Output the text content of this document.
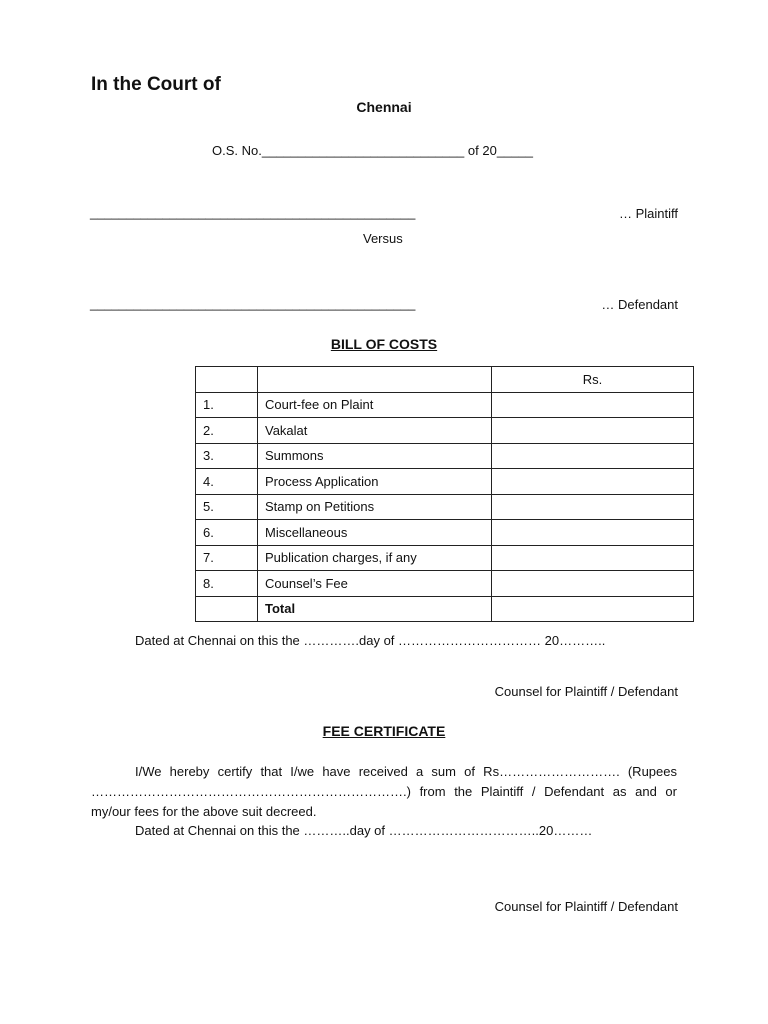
In the Court of
Chennai
O.S. No.____________________________ of 20_____
_____________________________________________	… Plaintiff
Versus
_____________________________________________	… Defendant
BILL OF COSTS
		Rs.
1.	Court-fee on Plaint	
2.	Vakalat	
3.	Summons	
4.	Process Application	
5.	Stamp on Petitions	
6.	Miscellaneous	
7.	Publication charges, if any	
8.	Counsel’s Fee	
	Total	
Dated at Chennai on this the ………….day of …………………………… 20………..
Counsel for Plaintiff / Defendant
FEE CERTIFICATE

I/We hereby certify that I/we have received a sum of Rs………………………. (Rupees ……………………………………………………………….) from the Plaintiff / Defendant as and or my/our fees for the above suit decreed.

Dated at Chennai on this the ………..day of ……………………………..20………
Counsel for Plaintiff / Defendant
